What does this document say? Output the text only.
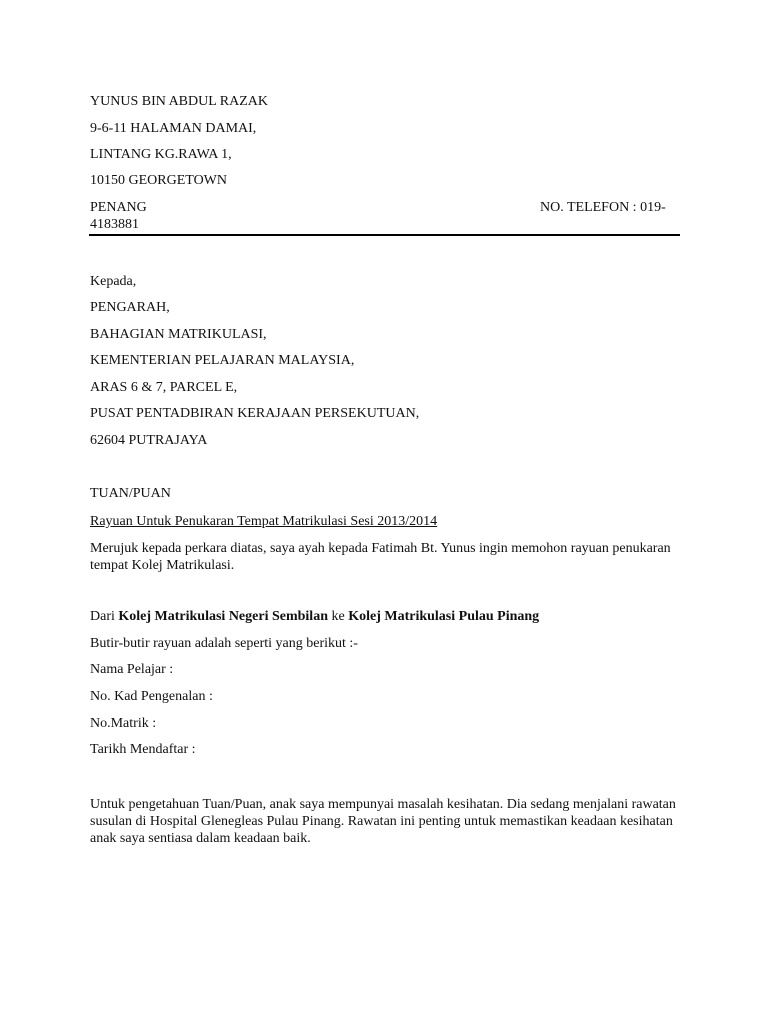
YUNUS BIN ABDUL RAZAK
9-6-11 HALAMAN DAMAI,
LINTANG KG.RAWA 1,
10150 GEORGETOWN
PENANG	NO. TELEFON : 019-
4183881
Kepada,
PENGARAH,
BAHAGIAN MATRIKULASI,
KEMENTERIAN PELAJARAN MALAYSIA,
ARAS 6 & 7, PARCEL E,
PUSAT PENTADBIRAN KERAJAAN PERSEKUTUAN,
62604 PUTRAJAYA
TUAN/PUAN
Rayuan Untuk Penukaran Tempat Matrikulasi Sesi 2013/2014
Merujuk kepada perkara diatas, saya ayah kepada Fatimah Bt. Yunus ingin memohon rayuan penukaran tempat Kolej Matrikulasi.
Dari Kolej Matrikulasi Negeri Sembilan ke Kolej Matrikulasi Pulau Pinang
Butir-butir rayuan adalah seperti yang berikut :-
Nama Pelajar :
No. Kad Pengenalan :
No.Matrik :
Tarikh Mendaftar :
Untuk pengetahuan Tuan/Puan, anak saya mempunyai masalah kesihatan. Dia sedang menjalani rawatan susulan di Hospital Glenegleas Pulau Pinang. Rawatan ini penting untuk memastikan keadaan kesihatan anak saya sentiasa dalam keadaan baik.
